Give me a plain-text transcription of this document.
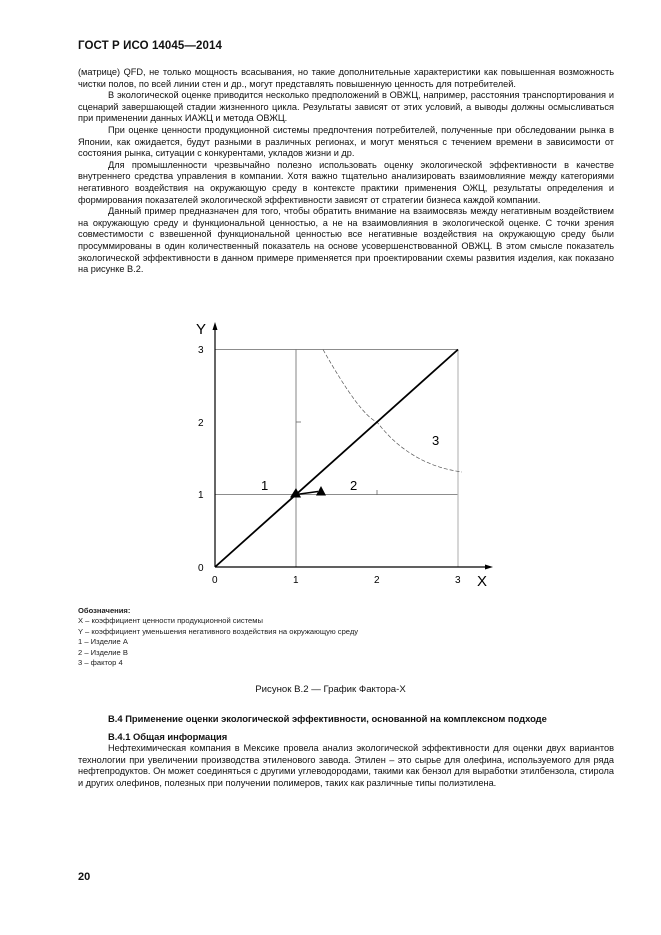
ГОСТ Р ИСО 14045—2014

(матрице) QFD, не только мощность всасывания, но такие дополнительные характеристики как повышенная возможность чистки полов, по всей линии стен и др., могут представлять повышенную ценность для потребителей.

В экологической оценке приводится несколько предположений в ОВЖЦ, например, расстояния транспортирования и сценарий завершающей стадии жизненного цикла. Результаты зависят от этих условий, а выводы должны осмысливаться при применении данных ИАЖЦ и метода ОВЖЦ.

При оценке ценности продукционной системы предпочтения потребителей, полученные при обследовании рынка в Японии, как ожидается, будут разными в различных регионах, и могут меняться с течением времени в зависимости от состояния рынка, ситуации с конкурентами, укладов жизни и др.

Для промышленности чрезвычайно полезно использовать оценку экологической эффективности в качестве внутреннего средства управления в компании. Хотя важно тщательно анализировать взаимовлияние между категориями негативного воздействия на окружающую среду в контексте практики применения ОЖЦ, результаты определения и формирования показателей экологической эффективности зависят от стратегии бизнеса каждой компании.

Данный пример предназначен для того, чтобы обратить внимание на взаимосвязь между негативным воздействием на окружающую среду и функциональной ценностью, а не на взаимовлияния в экологической оценке. С точки зрения совместимости с взвешенной функциональной ценностью все негативные воздействия на окружающую среду были просуммированы в один количественный показатель на основе усовершенствованной ОВЖЦ. В этом смысле показатель экологической эффективности в данном примере применяется при проектировании схемы развития изделия, как показано на рисунке В.2.

3
2
1
0
0	1	2	3
Y
X
1	2
3
Обозначения:
X – коэффициент ценности продукционной системы
Y – коэффициент уменьшения негативного воздействия на окружающую среду
1 – Изделие A
2 – Изделие B
3 – фактор 4
Рисунок В.2 — График Фактора-Х
В.4 Применение оценки экологической эффективности, основанной на комплексном подходе
В.4.1 Общая информация

Нефтехимическая компания в Мексике провела анализ экологической эффективности для оценки двух вариантов технологии при увеличении производства этиленового завода. Этилен – это сырье для олефина, используемого для ряда нефтепродуктов. Он может соединяться с другими углеводородами, такими как бензол для выработки этилбензола, стирола и других олефинов, полезных при получении полимеров, таких как различные типы полиэтилена.

20
